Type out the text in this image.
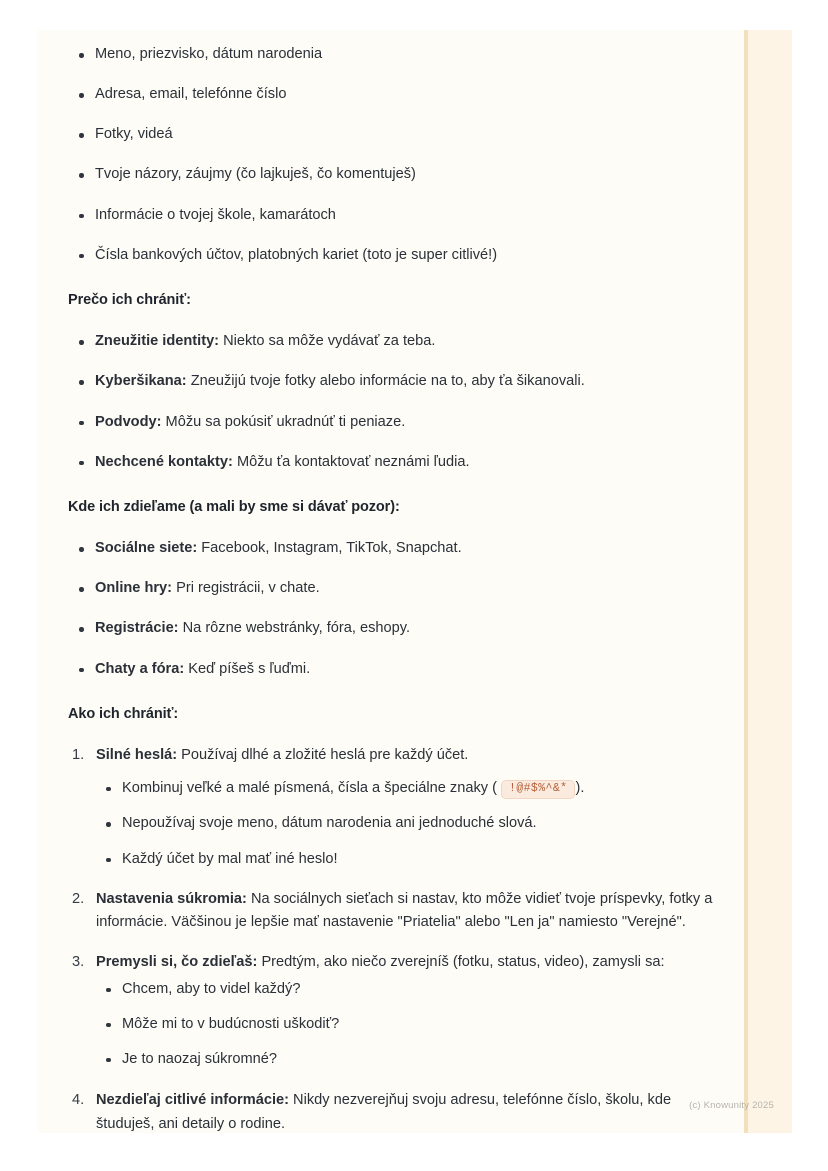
Meno, priezvisko, dátum narodenia
Adresa, email, telefónne číslo
Fotky, videá
Tvoje názory, záujmy (čo lajkuješ, čo komentuješ)
Informácie o tvojej škole, kamarátoch
Čísla bankových účtov, platobných kariet (toto je super citlivé!)
Prečo ich chrániť:
Zneužitie identity: Niekto sa môže vydávať za teba.
Kyberšikana: Zneužijú tvoje fotky alebo informácie na to, aby ťa šikanovali.
Podvody: Môžu sa pokúsiť ukradnúť ti peniaze.
Nechcené kontakty: Môžu ťa kontaktovať neznámi ľudia.
Kde ich zdieľame (a mali by sme si dávať pozor):
Sociálne siete: Facebook, Instagram, TikTok, Snapchat.
Online hry: Pri registrácii, v chate.
Registrácie: Na rôzne webstránky, fóra, eshopy.
Chaty a fóra: Keď píšeš s ľuďmi.
Ako ich chrániť:
Silné heslá: Používaj dlhé a zložité heslá pre každý účet.
Kombinuj veľké a malé písmená, čísla a špeciálne znaky ( !@#$%^&* ).
Nepoužívaj svoje meno, dátum narodenia ani jednoduché slová.
Každý účet by mal mať iné heslo!
Nastavenia súkromia: Na sociálnych sieťach si nastav, kto môže vidieť tvoje príspevky, fotky a informácie. Väčšinou je lepšie mať nastavenie "Priatelia" alebo "Len ja" namiesto "Verejné".
Premysli si, čo zdieľaš: Predtým, ako niečo zverejníš (fotku, status, video), zamysli sa:
Chcem, aby to videl každý?
Môže mi to v budúcnosti uškodiť?
Je to naozaj súkromné?
Nezdieľaj citlivé informácie: Nikdy nezverejňuj svoju adresu, telefónne číslo, školu, kde študuješ, ani detaily o rodine.
(c) Knowunity 2025
